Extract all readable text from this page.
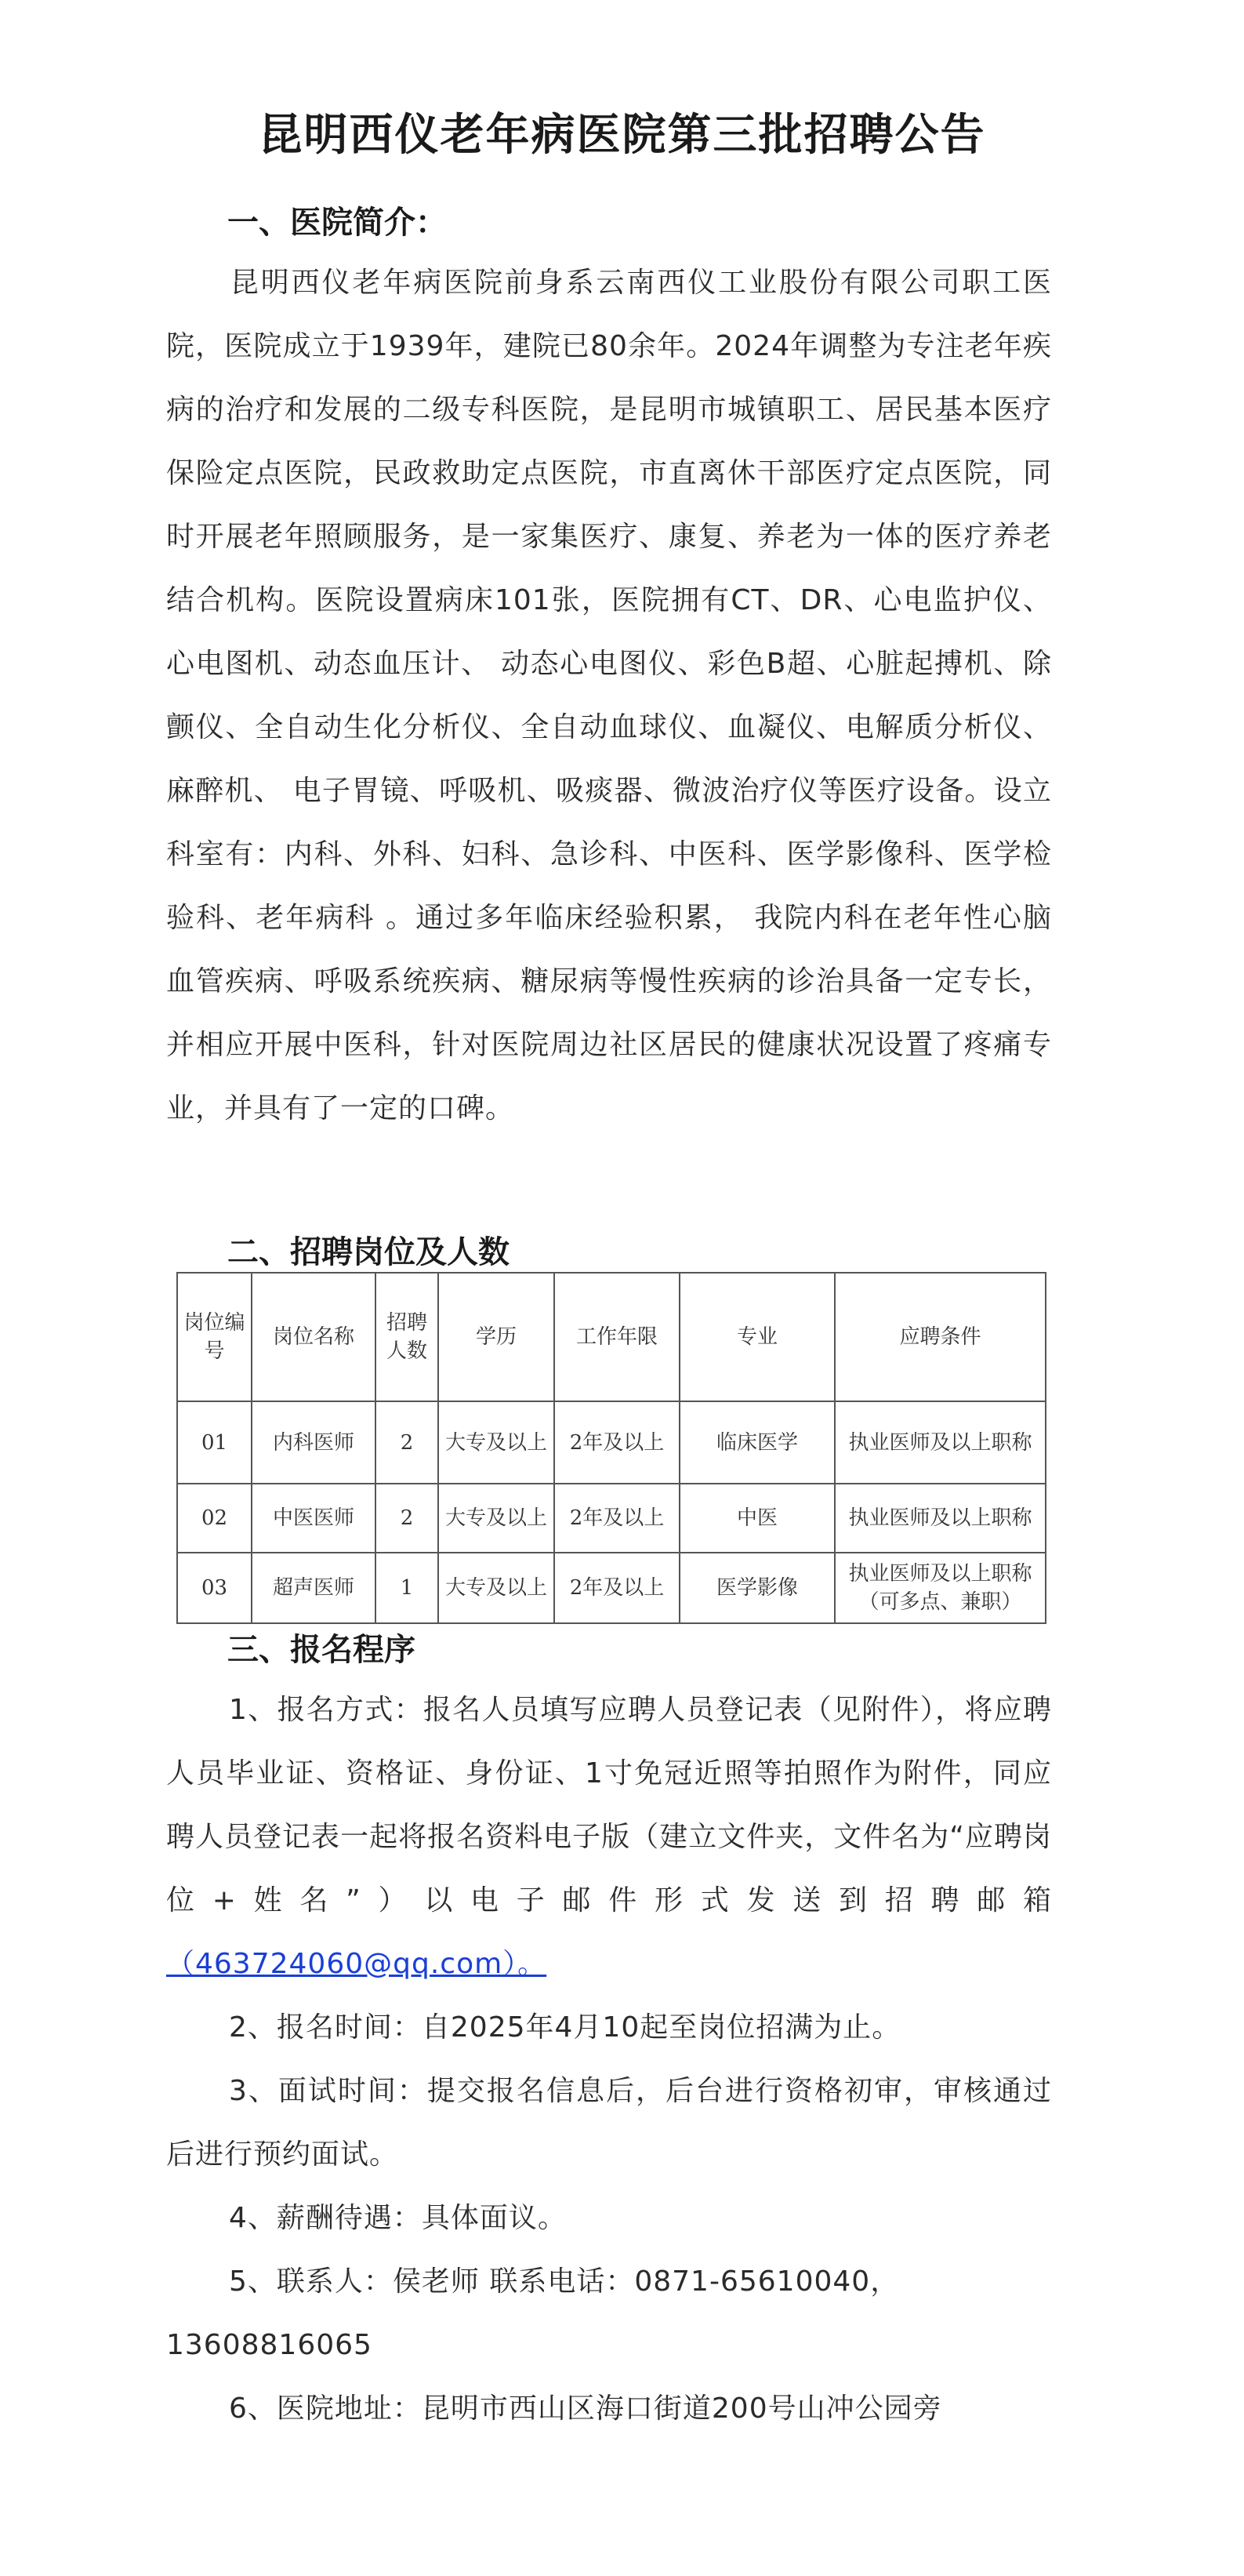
昆明西仪老年病医院第三批招聘公告
一、医院简介：

昆明西仪老年病医院前身系云南西仪工业股份有限公司职工医院，医院成立于1939年，建院已80余年。2024年调整为专注老年疾病的治疗和发展的二级专科医院，是昆明市城镇职工、居民基本医疗保险定点医院，民政救助定点医院，市直离休干部医疗定点医院，同时开展老年照顾服务，是一家集医疗、康复、养老为一体的医疗养老结合机构。医院设置病床101张，医院拥有CT、DR、心电监护仪、心电图机、动态血压计、 动态心电图仪、彩色B超、心脏起搏机、除颤仪、全自动生化分析仪、全自动血球仪、血凝仪、电解质分析仪、麻醉机、 电子胃镜、呼吸机、吸痰器、微波治疗仪等医疗设备。设立科室有：内科、外科、妇科、急诊科、中医科、医学影像科、医学检验科、老年病科 。通过多年临床经验积累， 我院内科在老年性心脑血管疾病、呼吸系统疾病、糖尿病等慢性疾病的诊治具备一定专长，并相应开展中医科，针对医院周边社区居民的健康状况设置了疼痛专业，并具有了一定的口碑。

二、招聘岗位及人数
岗位编号	岗位名称	招聘人数	学历	工作年限	专业	应聘条件
01	内科医师	2	大专及以上	2年及以上	临床医学	执业医师及以上职称
02	中医医师	2	大专及以上	2年及以上	中医	执业医师及以上职称
03	超声医师	1	大专及以上	2年及以上	医学影像	执业医师及以上职称
（可多点、兼职）
三、报名程序

1、报名方式：报名人员填写应聘人员登记表（见附件），将应聘人员毕业证、资格证、身份证、1寸免冠近照等拍照作为附件，同应聘人员登记表一起将报名资料电子版（建立文件夹，文件名为“应聘岗位+姓名”）以电子邮件形式发送到招聘邮箱（463724060@qq.com）。

2、报名时间：自2025年4月10起至岗位招满为止。

3、面试时间：提交报名信息后，后台进行资格初审，审核通过后进行预约面试。

4、薪酬待遇：具体面议。

5、联系人：侯老师 联系电话：0871-65610040，
13608816065

6、医院地址：昆明市西山区海口街道200号山冲公园旁
